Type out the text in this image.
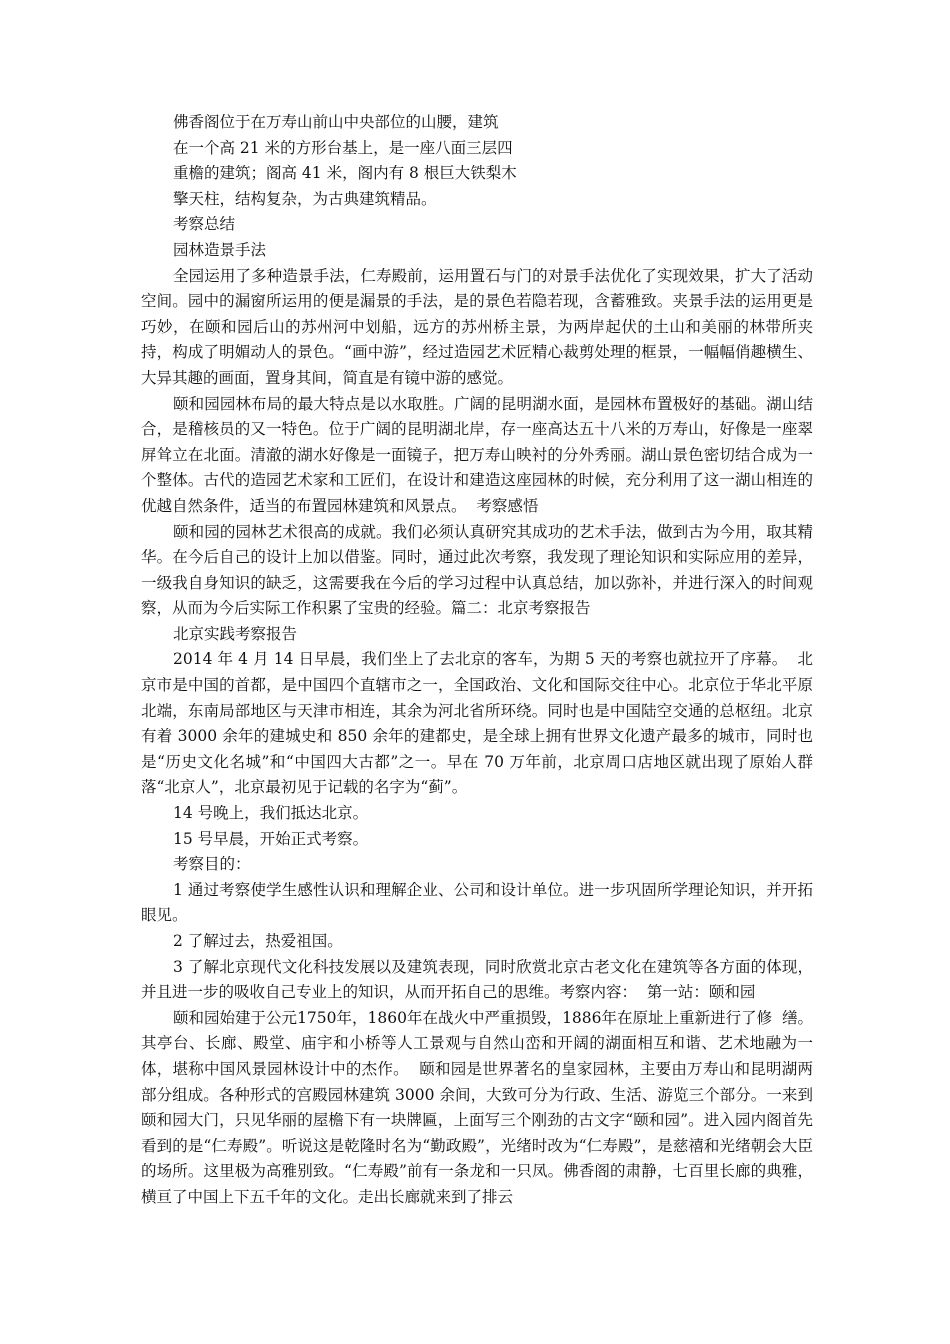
佛香阁位于在万寿山前山中央部位的山腰，建筑

在一个高 21 米的方形台基上，是一座八面三层四

重檐的建筑；阁高 41 米，阁内有 8 根巨大铁梨木

擎天柱，结构复杂，为古典建筑精品。

考察总结

园林造景手法

全园运用了多种造景手法，仁寿殿前，运用置石与门的对景手法优化了实现效果，扩大了活动空间。园中的漏窗所运用的便是漏景的手法，是的景色若隐若现，含蓄雅致。夹景手法的运用更是巧妙，在颐和园后山的苏州河中划船，远方的苏州桥主景，为两岸起伏的土山和美丽的林带所夹持，构成了明媚动人的景色。“画中游”，经过造园艺术匠精心裁剪处理的框景，一幅幅俏趣横生、大异其趣的画面，置身其间，简直是有镜中游的感觉。

颐和园园林布局的最大特点是以水取胜。广阔的昆明湖水面，是园林布置极好的基础。湖山结合，是稽核员的又一特色。位于广阔的昆明湖北岸，存一座高达五十八米的万寿山，好像是一座翠屏耸立在北面。清澈的湖水好像是一面镜子，把万寿山映衬的分外秀丽。湖山景色密切结合成为一个整体。古代的造园艺术家和工匠们，在设计和建造这座园林的时候，充分利用了这一湖山相连的优越自然条件，适当的布置园林建筑和风景点。  考察感悟

颐和园的园林艺术很高的成就。我们必须认真研究其成功的艺术手法，做到古为今用，取其精华。在今后自己的设计上加以借鉴。同时，通过此次考察，我发现了理论知识和实际应用的差异，一级我自身知识的缺乏，这需要我在今后的学习过程中认真总结，加以弥补，并进行深入的时间观察，从而为今后实际工作积累了宝贵的经验。篇二：北京考察报告

北京实践考察报告

2014 年 4 月 14 日早晨，我们坐上了去北京的客车，为期 5 天的考察也就拉开了序幕。  北京市是中国的首都，是中国四个直辖市之一，全国政治、文化和国际交往中心。北京位于华北平原北端，东南局部地区与天津市相连，其余为河北省所环绕。同时也是中国陆空交通的总枢纽。北京有着 3000 余年的建城史和 850 余年的建都史，是全球上拥有世界文化遗产最多的城市，同时也是“历史文化名城”和“中国四大古都”之一。早在 70 万年前，北京周口店地区就出现了原始人群落“北京人”，北京最初见于记载的名字为“蓟”。

14 号晚上，我们抵达北京。

15 号早晨，开始正式考察。

考察目的：

1 通过考察使学生感性认识和理解企业、公司和设计单位。进一步巩固所学理论知识，并开拓眼见。

2 了解过去，热爱祖国。

3 了解北京现代文化科技发展以及建筑表现，同时欣赏北京古老文化在建筑等各方面的体现，并且进一步的吸收自己专业上的知识，从而开拓自己的思维。考察内容：  第一站：颐和园

颐和园始建于公元1750年，1860年在战火中严重损毁，1886年在原址上重新进行了修  缮。其亭台、长廊、殿堂、庙宇和小桥等人工景观与自然山峦和开阔的湖面相互和谐、艺术地融为一体，堪称中国风景园林设计中的杰作。  颐和园是世界著名的皇家园林，主要由万寿山和昆明湖两部分组成。各种形式的宫殿园林建筑 3000 余间，大致可分为行政、生活、游览三个部分。一来到颐和园大门，只见华丽的屋檐下有一块牌匾，上面写三个刚劲的古文字“颐和园”。进入园内阁首先看到的是“仁寿殿”。听说这是乾隆时名为“勤政殿”，光绪时改为“仁寿殿”，是慈禧和光绪朝会大臣的场所。这里极为高雅别致。“仁寿殿”前有一条龙和一只凤。佛香阁的肃静，七百里长廊的典雅，横亘了中国上下五千年的文化。走出长廊就来到了排云
